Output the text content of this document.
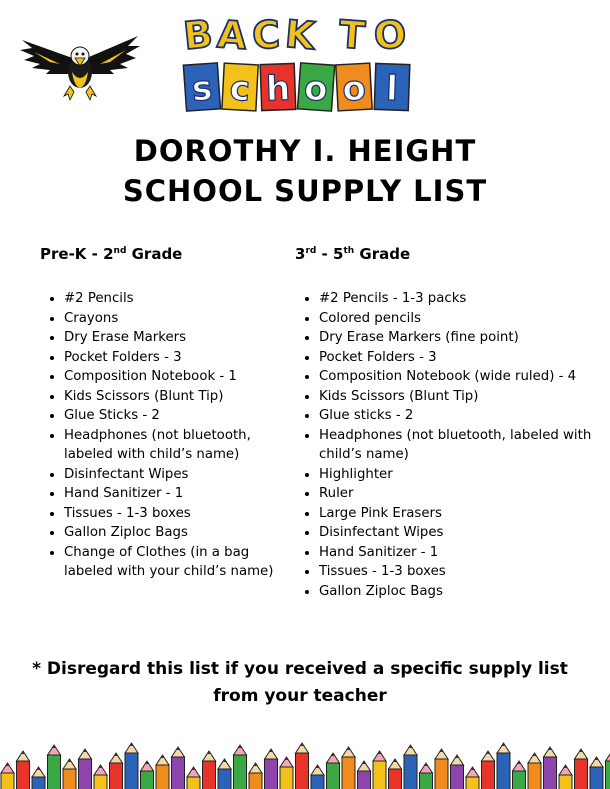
B A C K T O
s c h o o l
DOROTHY I. HEIGHT
SCHOOL SUPPLY LIST
Pre-K - 2nd Grade	3rd - 5th Grade
• #2 Pencils
• Crayons
• Dry Erase Markers
• Pocket Folders - 3
• Composition Notebook - 1
• Kids Scissors (Blunt Tip)
• Glue Sticks - 2
• Headphones (not bluetooth, labeled with child’s name)
• Disinfectant Wipes
• Hand Sanitizer - 1
• Tissues - 1-3 boxes
• Gallon Ziploc Bags
• Change of Clothes (in a bag labeled with your child’s name)
• #2 Pencils - 1-3 packs
• Colored pencils
• Dry Erase Markers (fine point)
• Pocket Folders - 3
• Composition Notebook (wide ruled) - 4
• Kids Scissors (Blunt Tip)
• Glue sticks - 2
• Headphones (not bluetooth, labeled with child’s name)
• Highlighter
• Ruler
• Large Pink Erasers
• Disinfectant Wipes
• Hand Sanitizer - 1
• Tissues - 1-3 boxes
• Gallon Ziploc Bags
* Disregard this list if you received a specific supply list
from your teacher
